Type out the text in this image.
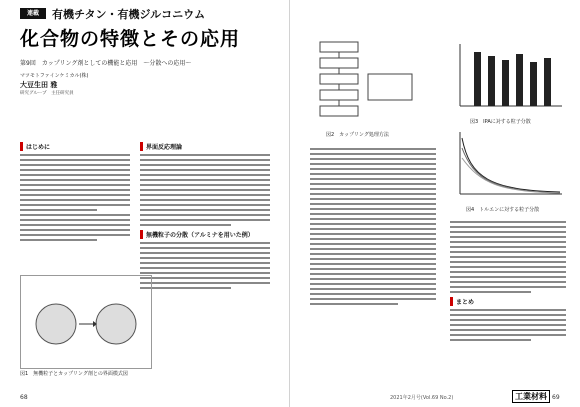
連載	有機チタン・有機ジルコニウム
化合物の特徴とその応用
第9回　カップリング剤としての機能と応用　〜分散への応用〜
マツモトファインケミカル(株)
大豆生田 雅
研究グループ　主任研究員
はじめに	界面反応理論
無機粒子の分散（アルミナを用いた例）
図1　無機粒子とカップリング剤との界面模式図
68
図2　カップリング処理方法
図3　IPAに対する粒子分散
図4　トルエンに対する粒子分散
まとめ
2021年2月号(Vol.69 No.2)	工業材料 69
